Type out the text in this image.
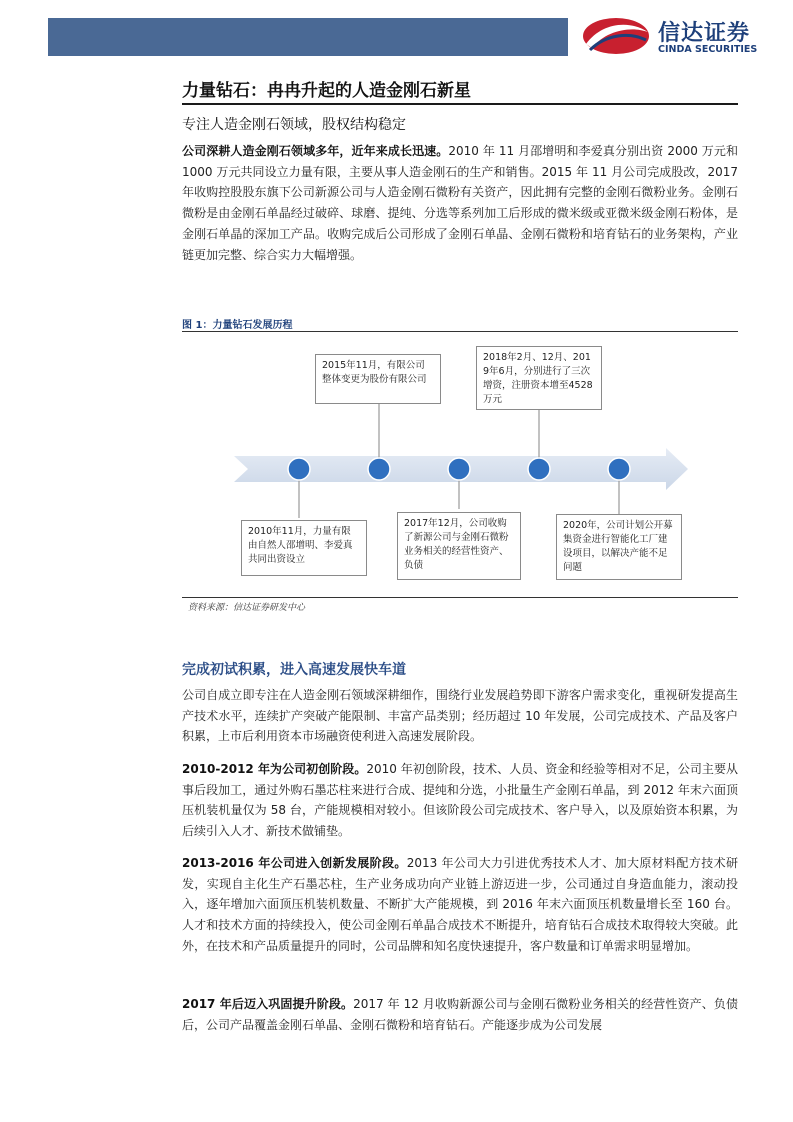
信达证券
CINDA SECURITIES
力量钻石：冉冉升起的人造金刚石新星
专注人造金刚石领域，股权结构稳定

公司深耕人造金刚石领域多年，近年来成长迅速。2010 年 11 月邵增明和李爱真分别出资 2000 万元和 1000 万元共同设立力量有限，主要从事人造金刚石的生产和销售。2015 年 11 月公司完成股改，2017 年收购控股股东旗下公司新源公司与人造金刚石微粉有关资产，因此拥有完整的金刚石微粉业务。金刚石微粉是由金刚石单晶经过破碎、球磨、提纯、分选等系列加工后形成的微米级或亚微米级金刚石粉体，是金刚石单晶的深加工产品。收购完成后公司形成了金刚石单晶、金刚石微粉和培育钻石的业务架构，产业链更加完整、综合实力大幅增强。

图 1：力量钻石发展历程
2010年11月，力量有限由自然人邵增明、李爱真共同出资设立
2015年11月，有限公司整体变更为股份有限公司
2017年12月，公司收购了新源公司与金刚石微粉业务相关的经营性资产、负债
2018年2月、12月、2019年6月，分别进行了三次增资，注册资本增至4528万元
2020年，公司计划公开募集资金进行智能化工厂建设项目，以解决产能不足问题
资料来源：信达证券研发中心
完成初试积累，进入高速发展快车道

公司自成立即专注在人造金刚石领域深耕细作，围绕行业发展趋势即下游客户需求变化，重视研发提高生产技术水平，连续扩产突破产能限制、丰富产品类别；经历超过 10 年发展，公司完成技术、产品及客户积累，上市后利用资本市场融资使利进入高速发展阶段。

2010-2012 年为公司初创阶段。2010 年初创阶段，技术、人员、资金和经验等相对不足，公司主要从事后段加工，通过外购石墨芯柱来进行合成、提纯和分选，小批量生产金刚石单晶，到 2012 年末六面顶压机装机量仅为 58 台，产能规模相对较小。但该阶段公司完成技术、客户导入，以及原始资本积累，为后续引入人才、新技术做铺垫。

2013-2016 年公司进入创新发展阶段。2013 年公司大力引进优秀技术人才、加大原材料配方技术研发，实现自主化生产石墨芯柱，生产业务成功向产业链上游迈进一步，公司通过自身造血能力，滚动投入，逐年增加六面顶压机装机数量、不断扩大产能规模，到 2016 年末六面顶压机数量增长至 160 台。人才和技术方面的持续投入，使公司金刚石单晶合成技术不断提升，培育钻石合成技术取得较大突破。此外，在技术和产品质量提升的同时，公司品牌和知名度快速提升，客户数量和订单需求明显增加。

2017 年后迈入巩固提升阶段。2017 年 12 月收购新源公司与金刚石微粉业务相关的经营性资产、负债后，公司产品覆盖金刚石单晶、金刚石微粉和培育钻石。产能逐步成为公司发展
